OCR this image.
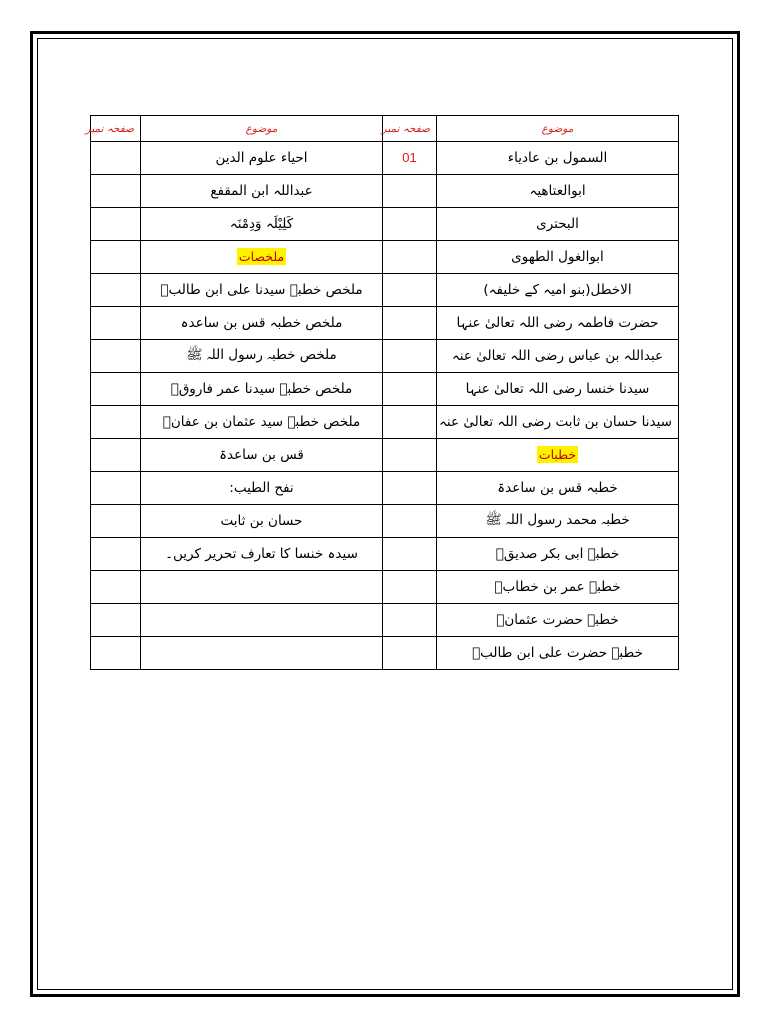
موضوع	صفحہ نمبر	موضوع	صفحہ نمبر
السمول بن عادیاء	01	احیاء علوم الدین	
ابوالعتاھیہ		عبداللہ ابن المقفع	
البحتری		کَلِیْلَہ وَدِمْنَہ	
ابوالغول الطھوی		ملخصات	
الاخطل(بنو امیہ کے خلیفہ)		ملخص خطبہ سیدنا علی ابن طالبؓ	
حضرت فاطمہ رضی اللہ تعالیٰ عنہا		ملخص خطبہ قس بن ساعدہ	
عبداللہ بن عباس رضی اللہ تعالیٰ عنہ		ملخص خطبہ رسول اللہ ﷺ	
سیدنا خنسا رضی اللہ تعالیٰ عنہا		ملخص خطبہ سیدنا عمر فاروقؓ	
سیدنا حسان بن ثابت رضی اللہ تعالیٰ عنہ		ملخص خطبہ سید عثمان بن عفانؓ	
خطبات		قس بن ساعدۃ	
خطبہ قس بن ساعدۃ		نفح الطیب:	
خطبہ محمد رسول اللہ ﷺ		حسان بن ثابت	
خطبہ ابی بکر صدیقؓ		سیدہ خنسا کا تعارف تحریر کریں۔	
خطبہ عمر بن خطابؓ			
خطبہ حضرت عثمانؓ			
خطبہ حضرت علی ابن طالبؓ			
